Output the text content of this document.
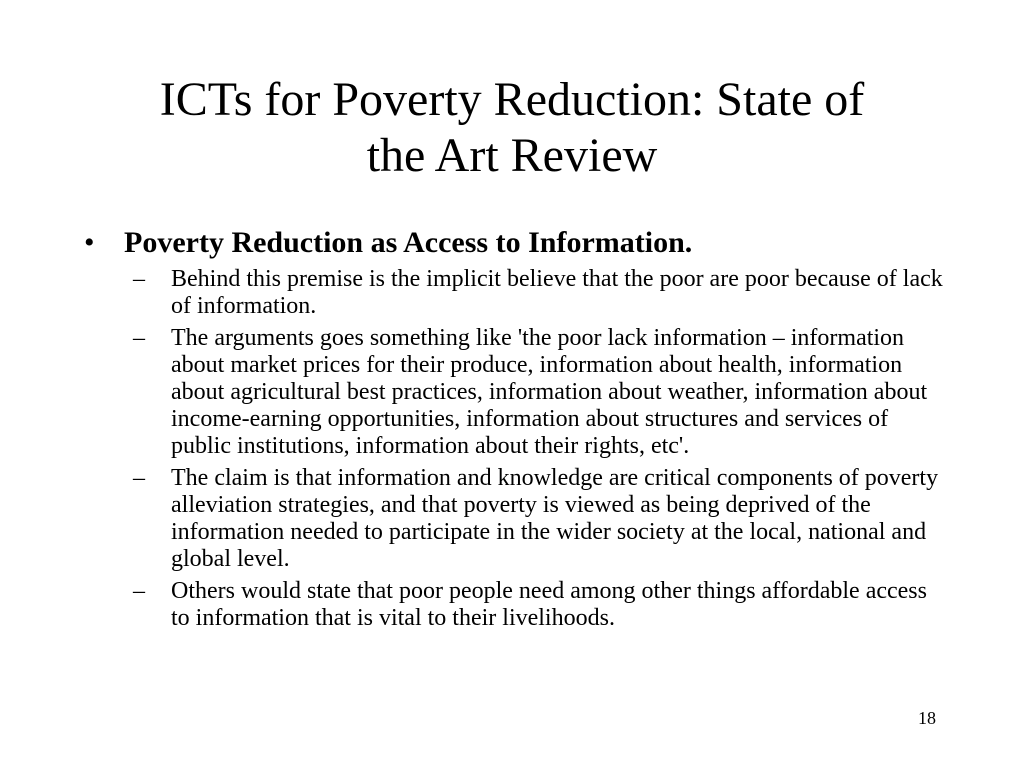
ICTs for Poverty Reduction: State of
the Art Review
• Poverty Reduction as Access to Information.
–	Behind this premise is the implicit believe that the poor are poor because of lack of information.
–	The arguments goes something like 'the poor lack information – information about market prices for their produce, information about health, information about agricultural best practices, information about weather, information about income-earning opportunities, information about structures and services of public institutions, information about their rights, etc'.
–	The claim is that information and knowledge are critical components of poverty alleviation strategies, and that poverty is viewed as being deprived of the information needed to participate in the wider society at the local, national and global level.
–	Others would state that poor people need among other things affordable access to information that is vital to their livelihoods.
18
